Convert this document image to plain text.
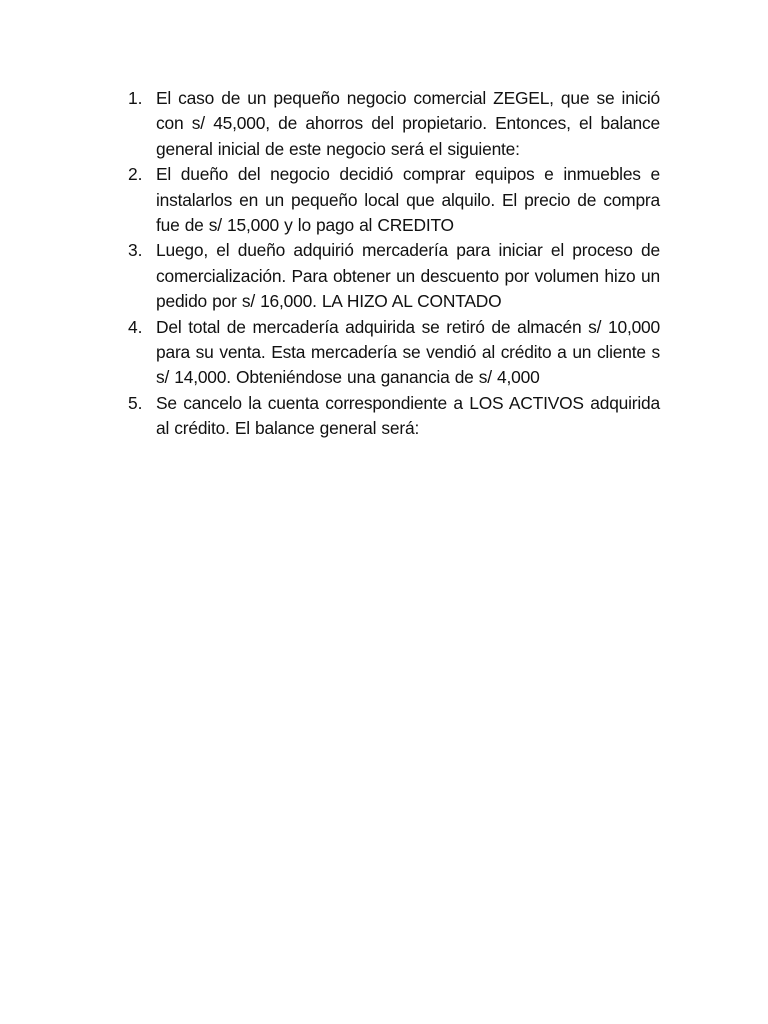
1. El caso de un pequeño negocio comercial ZEGEL, que se inició con s/ 45,000, de ahorros del propietario. Entonces, el balance general inicial de este negocio será el siguiente:
2. El dueño del negocio decidió comprar equipos e inmuebles e instalarlos en un pequeño local que alquilo. El precio de compra fue de s/ 15,000 y lo pago al CREDITO
3. Luego, el dueño adquirió mercadería para iniciar el proceso de comercialización. Para obtener un descuento por volumen hizo un pedido por s/ 16,000. LA HIZO AL CONTADO
4. Del total de mercadería adquirida se retiró de almacén s/ 10,000 para su venta. Esta mercadería se vendió al crédito a un cliente s s/ 14,000. Obteniéndose una ganancia de s/ 4,000
5. Se cancelo la cuenta correspondiente a LOS ACTIVOS adquirida al crédito. El balance general será:
